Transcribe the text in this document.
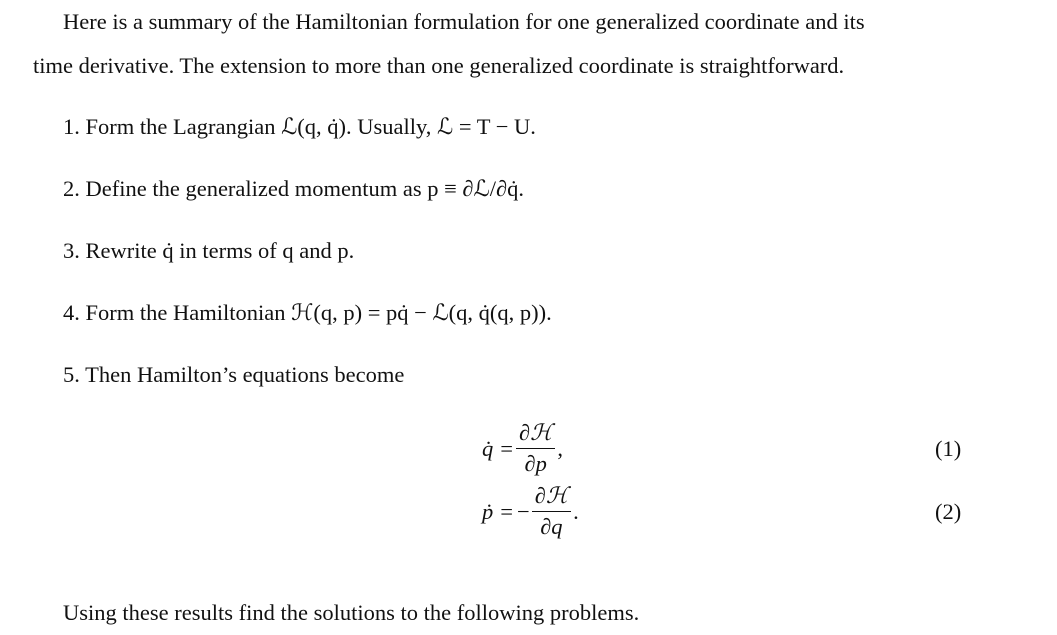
Here is a summary of the Hamiltonian formulation for one generalized coordinate and its
time derivative. The extension to more than one generalized coordinate is straightforward.
1. Form the Lagrangian ℒ(q, q̇). Usually, ℒ = T − U.
2. Define the generalized momentum as p ≡ ∂ℒ/∂q̇.
3. Rewrite q̇ in terms of q and p.
4. Form the Hamiltonian ℋ(q, p) = pq̇ − ℒ(q, q̇(q, p)).
5. Then Hamilton’s equations become
q̇ = $\frac{\text{∂ℋ}}{\partial p}$ ,	(1)
ṗ = − $\frac{\text{∂ℋ}}{\partial q}$ .	(2)
Using these results find the solutions to the following problems.
